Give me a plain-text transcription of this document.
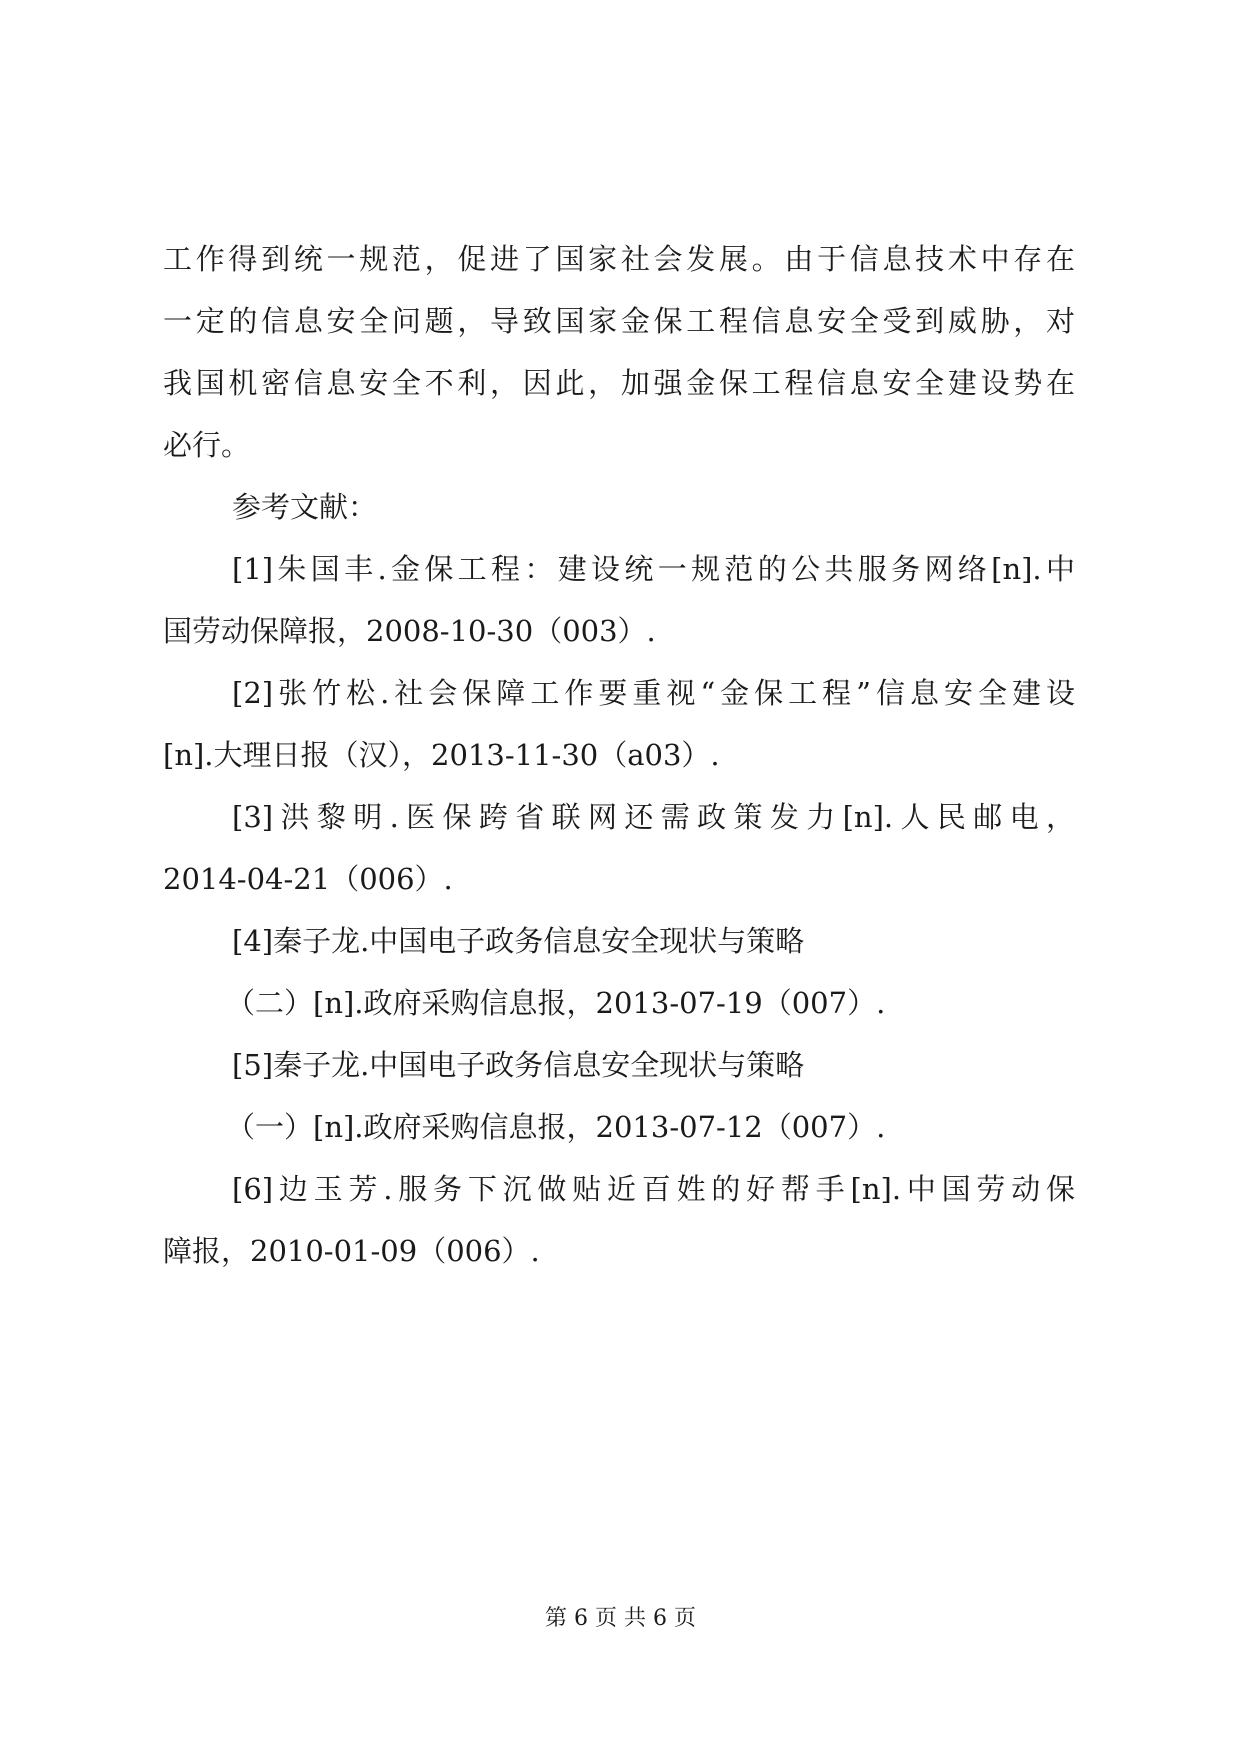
工作得到统一规范，促进了国家社会发展。由于信息技术中存在
一定的信息安全问题，导致国家金保工程信息安全受到威胁，对
我国机密信息安全不利，因此，加强金保工程信息安全建设势在
必行。
参考文献：
[1]朱国丰.金保工程：建设统一规范的公共服务网络[n].中
国劳动保障报，2008-10-30（003）.
[2]张竹松.社会保障工作要重视“金保工程”信息安全建设
[n].大理日报（汉），2013-11-30（a03）.
[3]洪黎明.医保跨省联网还需政策发力[n].人民邮电，
2014-04-21（006）.
[4]秦子龙.中国电子政务信息安全现状与策略
（二）[n].政府采购信息报，2013-07-19（007）.
[5]秦子龙.中国电子政务信息安全现状与策略
（一）[n].政府采购信息报，2013-07-12（007）.
[6]边玉芳.服务下沉做贴近百姓的好帮手[n].中国劳动保
障报，2010-01-09（006）.
第 6 页 共 6 页
